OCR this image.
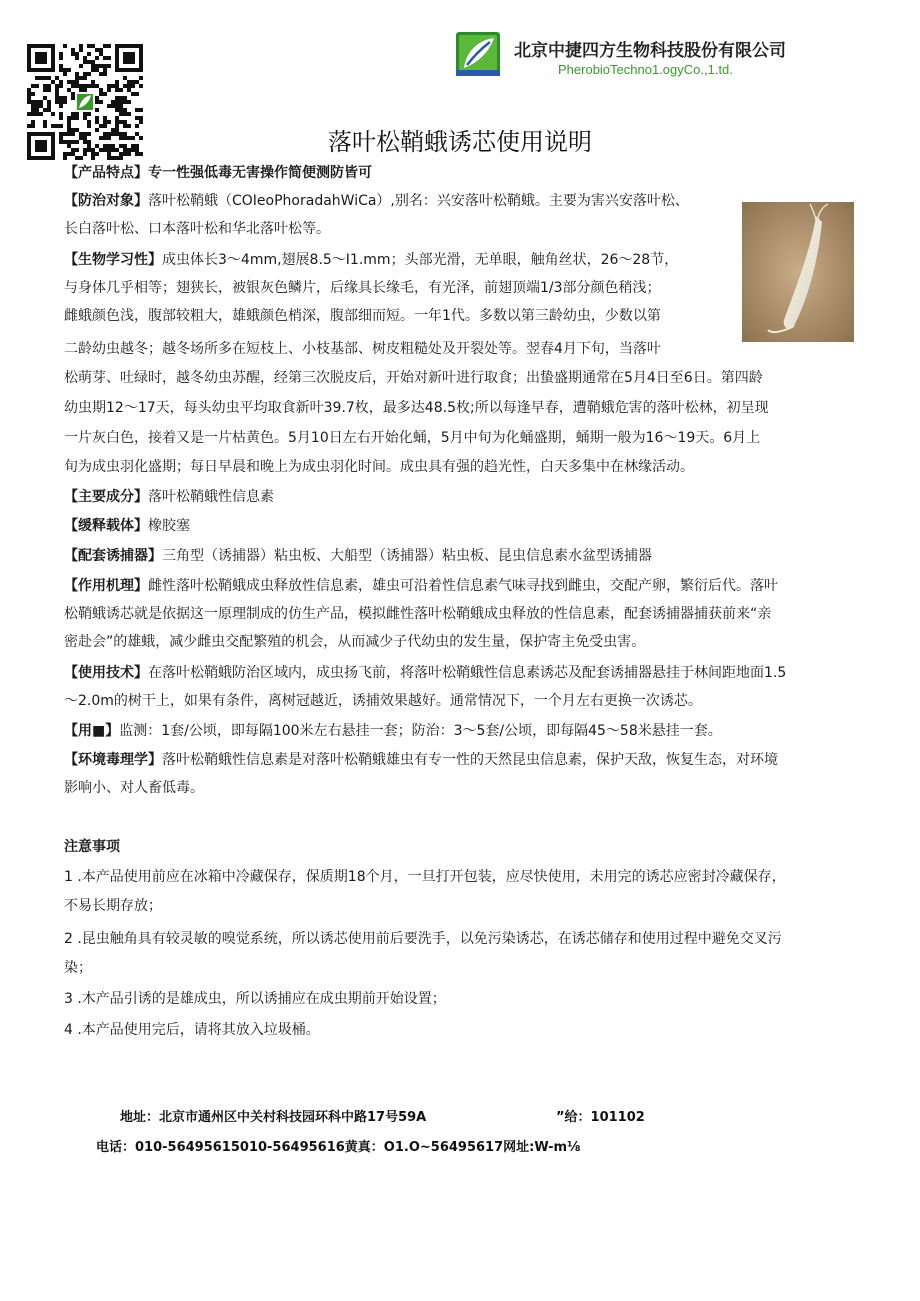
北京中捷四方生物科技股份有限公司
PherobioTechno1.ogyCo.,1.td.
落叶松鞘蛾诱芯使用说明
【产品特点】专一性强低毒无害操作简便测防皆可
【防治对象】落叶松鞘蛾（COIeoPhoradahWiCa）,别名：兴安落叶松鞘蛾。主要为害兴安落叶松、
长白落叶松、口本落叶松和华北落叶松等。
【生物学习性】成虫体长3～4mm,翅展8.5～I1.mm；头部光滑，无单眼，触角丝状，26～28节，
与身体几乎相等；翅狭长，被银灰色鳞片，后缘具长缘毛，有光泽，前翅顶端1/3部分颜色稍浅；
雌蛾颜色浅，腹部较粗大，雄蛾颜色梢深，腹部细而短。一年1代。多数以第三龄幼虫，少数以第
二龄幼虫越冬；越冬场所多在短枝上、小枝基部、树皮粗糙处及开裂处等。翌春4月下旬，当落叶
松萌芽、吐绿时，越冬幼虫苏醒，经第三次脱皮后，开始对新叶进行取食；出蛰盛期通常在5月4日至6日。第四龄
幼虫期12～17天，每头幼虫平均取食新叶39.7枚，最多达48.5枚;所以每逢早春，遭鞘蛾危害的落叶松林，初呈现
一片灰白色，接着又是一片枯黄色。5月10日左右开始化蛹，5月中旬为化蛹盛期，蛹期一般为16～19天。6月上
旬为成虫羽化盛期；每日早晨和晚上为成虫羽化时间。成虫具有强的趋光性，白天多集中在林缘活动。
【主要成分】落叶松鞘蛾性信息素
【缓释载体】橡胶塞
【配套诱捕器】三角型（诱捕器）粘虫板、大船型（诱捕器）粘虫板、昆虫信息素水盆型诱捕器
【作用机理】雌性落叶松鞘蛾成虫释放性信息素，雄虫可沿着性信息素气味寻找到雌虫，交配产卵，繁衍后代。落叶
松鞘蛾诱芯就是依据这一原理制成的仿生产品，模拟雌性落叶松鞘蛾成虫释放的性信息素，配套诱捕器捕获前来“亲
密赴会”的雄蛾，减少雌虫交配繁殖的机会，从而减少子代幼虫的发生量，保护寄主免受虫害。
【使用技术】在落叶松鞘蛾防治区域内，成虫扬飞前，将落叶松鞘蛾性信息素诱芯及配套诱捕器悬挂于林间距地面1.5
～2.0m的树干上，如果有条件，离树冠越近，诱捕效果越好。通常情况下，一个月左右更换一次诱芯。
【用■】监测：1套/公顷，即每隔100米左右悬挂一套；防治：3～5套/公顷，即每隔45～58米悬挂一套。
【环境毒理学】落叶松鞘蛾性信息素是对落叶松鞘蛾雄虫有专一性的天然昆虫信息素，保护天敌，恢复生态，对环境
影响小、对人畜低毒。
注意事项
1 .本产品使用前应在冰箱中冷藏保存，保质期18个月，一旦打开包装，应尽快使用，未用完的诱芯应密封冷藏保存，
不易长期存放；
2 .昆虫触角具有较灵敏的嗅觉系统，所以诱芯使用前后要洗手，以免污染诱芯，在诱芯储存和使用过程中避免交叉污
染；
3 .木产品引诱的是雄成虫，所以诱捕应在成虫期前开始设置；
4 .本产品使用完后，请将其放入垃圾桶。
地址：北京市通州区中关村科技园环科中路17号59A	”给：101102
电话：010-56495615010-56495616黄真：O1.O~56495617网址:W-m⅛
